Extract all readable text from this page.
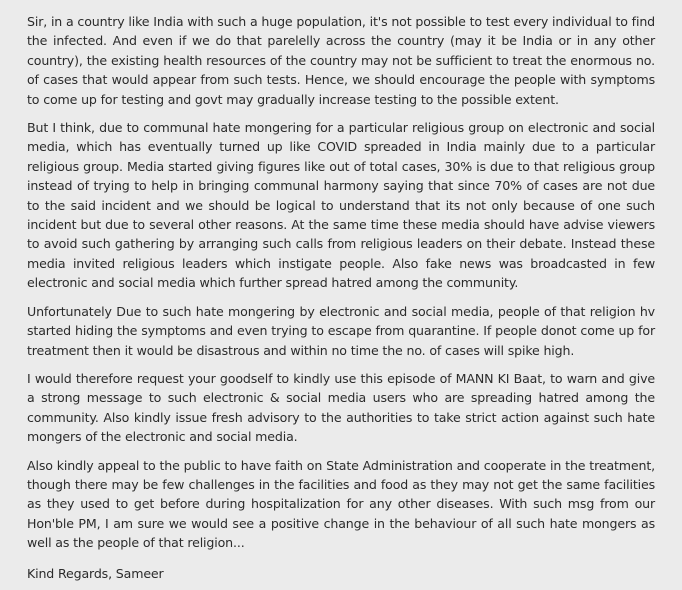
Sir, in a country like India with such a huge population, it's not possible to test every individual to find the infected. And even if we do that parelelly across the country (may it be India or in any other country), the existing health resources of the country may not be sufficient to treat the enormous no. of cases that would appear from such tests. Hence, we should encourage the people with symptoms to come up for testing and govt may gradually increase testing to the possible extent.

But I think, due to communal hate mongering for a particular religious group on electronic and social media, which has eventually turned up like COVID spreaded in India mainly due to a particular religious group. Media started giving figures like out of total cases, 30% is due to that religious group instead of trying to help in bringing communal harmony saying that since 70% of cases are not due to the said incident and we should be logical to understand that its not only because of one such incident but due to several other reasons. At the same time these media should have advise viewers to avoid such gathering by arranging such calls from religious leaders on their debate. Instead these media invited religious leaders which instigate people. Also fake news was broadcasted in few electronic and social media which further spread hatred among the community.

Unfortunately Due to such hate mongering by electronic and social media, people of that religion hv started hiding the symptoms and even trying to escape from quarantine. If people donot come up for treatment then it would be disastrous and within no time the no. of cases will spike high.

I would therefore request your goodself to kindly use this episode of MANN KI Baat, to warn and give a strong message to such electronic & social media users who are spreading hatred among the community. Also kindly issue fresh advisory to the authorities to take strict action against such hate mongers of the electronic and social media.

Also kindly appeal to the public to have faith on State Administration and cooperate in the treatment, though there may be few challenges in the facilities and food as they may not get the same facilities as they used to get before during hospitalization for any other diseases. With such msg from our Hon'ble PM, I am sure we would see a positive change in the behaviour of all such hate mongers as well as the people of that religion...

Kind Regards, Sameer
